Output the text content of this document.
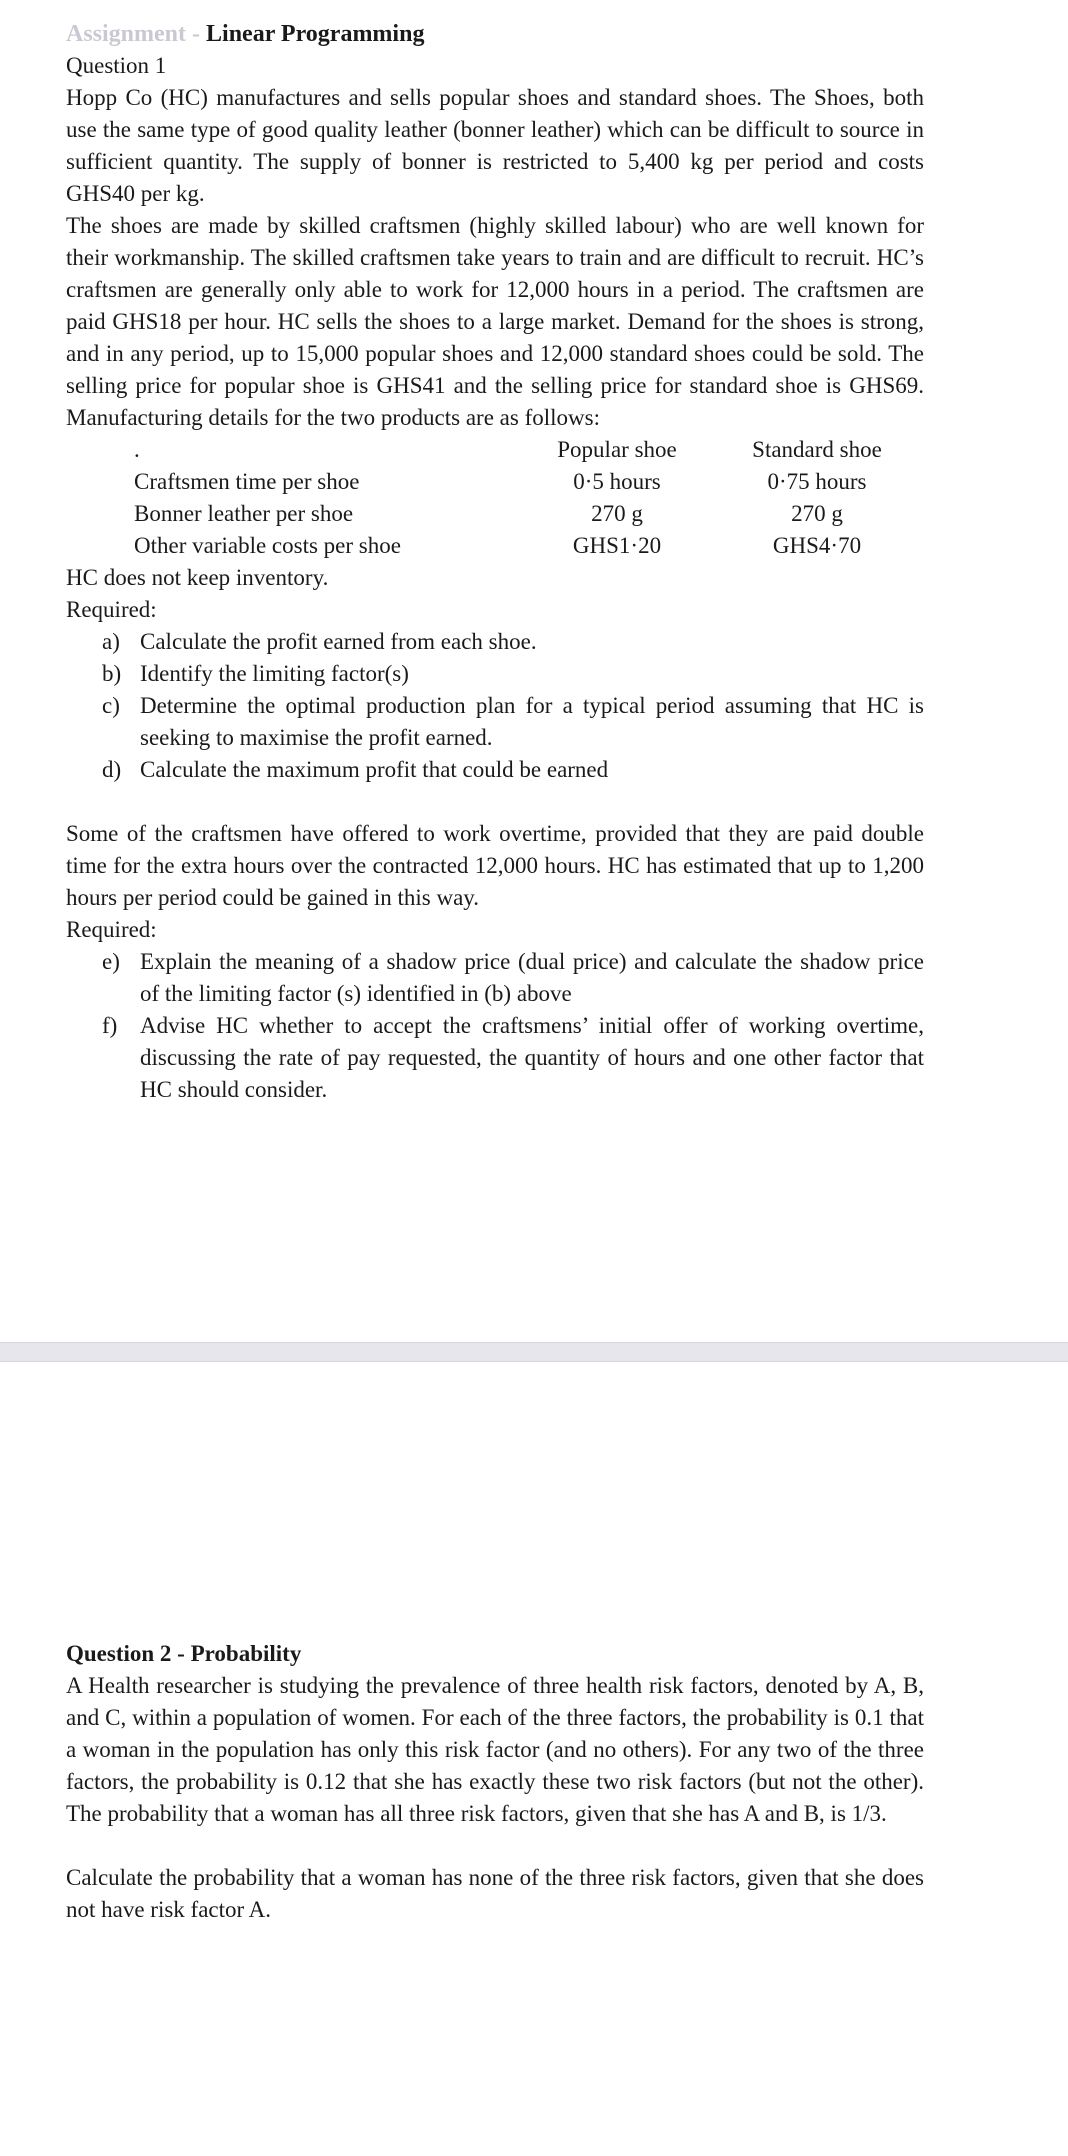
Assignment - Linear Programming

Question 1

Hopp Co (HC) manufactures and sells popular shoes and standard shoes. The Shoes, both use the same type of good quality leather (bonner leather) which can be difficult to source in sufficient quantity. The supply of bonner is restricted to 5,400 kg per period and costs GHS40 per kg.

The shoes are made by skilled craftsmen (highly skilled labour) who are well known for their workmanship. The skilled craftsmen take years to train and are difficult to recruit. HC’s craftsmen are generally only able to work for 12,000 hours in a period. The craftsmen are paid GHS18 per hour. HC sells the shoes to a large market. Demand for the shoes is strong, and in any period, up to 15,000 popular shoes and 12,000 standard shoes could be sold. The selling price for popular shoe is GHS41 and the selling price for standard shoe is GHS69. Manufacturing details for the two products are as follows:

.	Popular shoe	Standard shoe
Craftsmen time per shoe	0·5 hours	0·75 hours
Bonner leather per shoe	270 g	270 g
Other variable costs per shoe	GHS1·20	GHS4·70

HC does not keep inventory.

Required:

a) Calculate the profit earned from each shoe.
b) Identify the limiting factor(s)
c) Determine the optimal production plan for a typical period assuming that HC is seeking to maximise the profit earned.
d) Calculate the maximum profit that could be earned

Some of the craftsmen have offered to work overtime, provided that they are paid double time for the extra hours over the contracted 12,000 hours. HC has estimated that up to 1,200 hours per period could be gained in this way.

Required:

e) Explain the meaning of a shadow price (dual price) and calculate the shadow price of the limiting factor (s) identified in (b) above
f) Advise HC whether to accept the craftsmens’ initial offer of working overtime, discussing the rate of pay requested, the quantity of hours and one other factor that HC should consider.

Question 2 - Probability

A Health researcher is studying the prevalence of three health risk factors, denoted by A, B, and C, within a population of women. For each of the three factors, the probability is 0.1 that a woman in the population has only this risk factor (and no others). For any two of the three factors, the probability is 0.12 that she has exactly these two risk factors (but not the other). The probability that a woman has all three risk factors, given that she has A and B, is 1/3.

Calculate the probability that a woman has none of the three risk factors, given that she does not have risk factor A.
